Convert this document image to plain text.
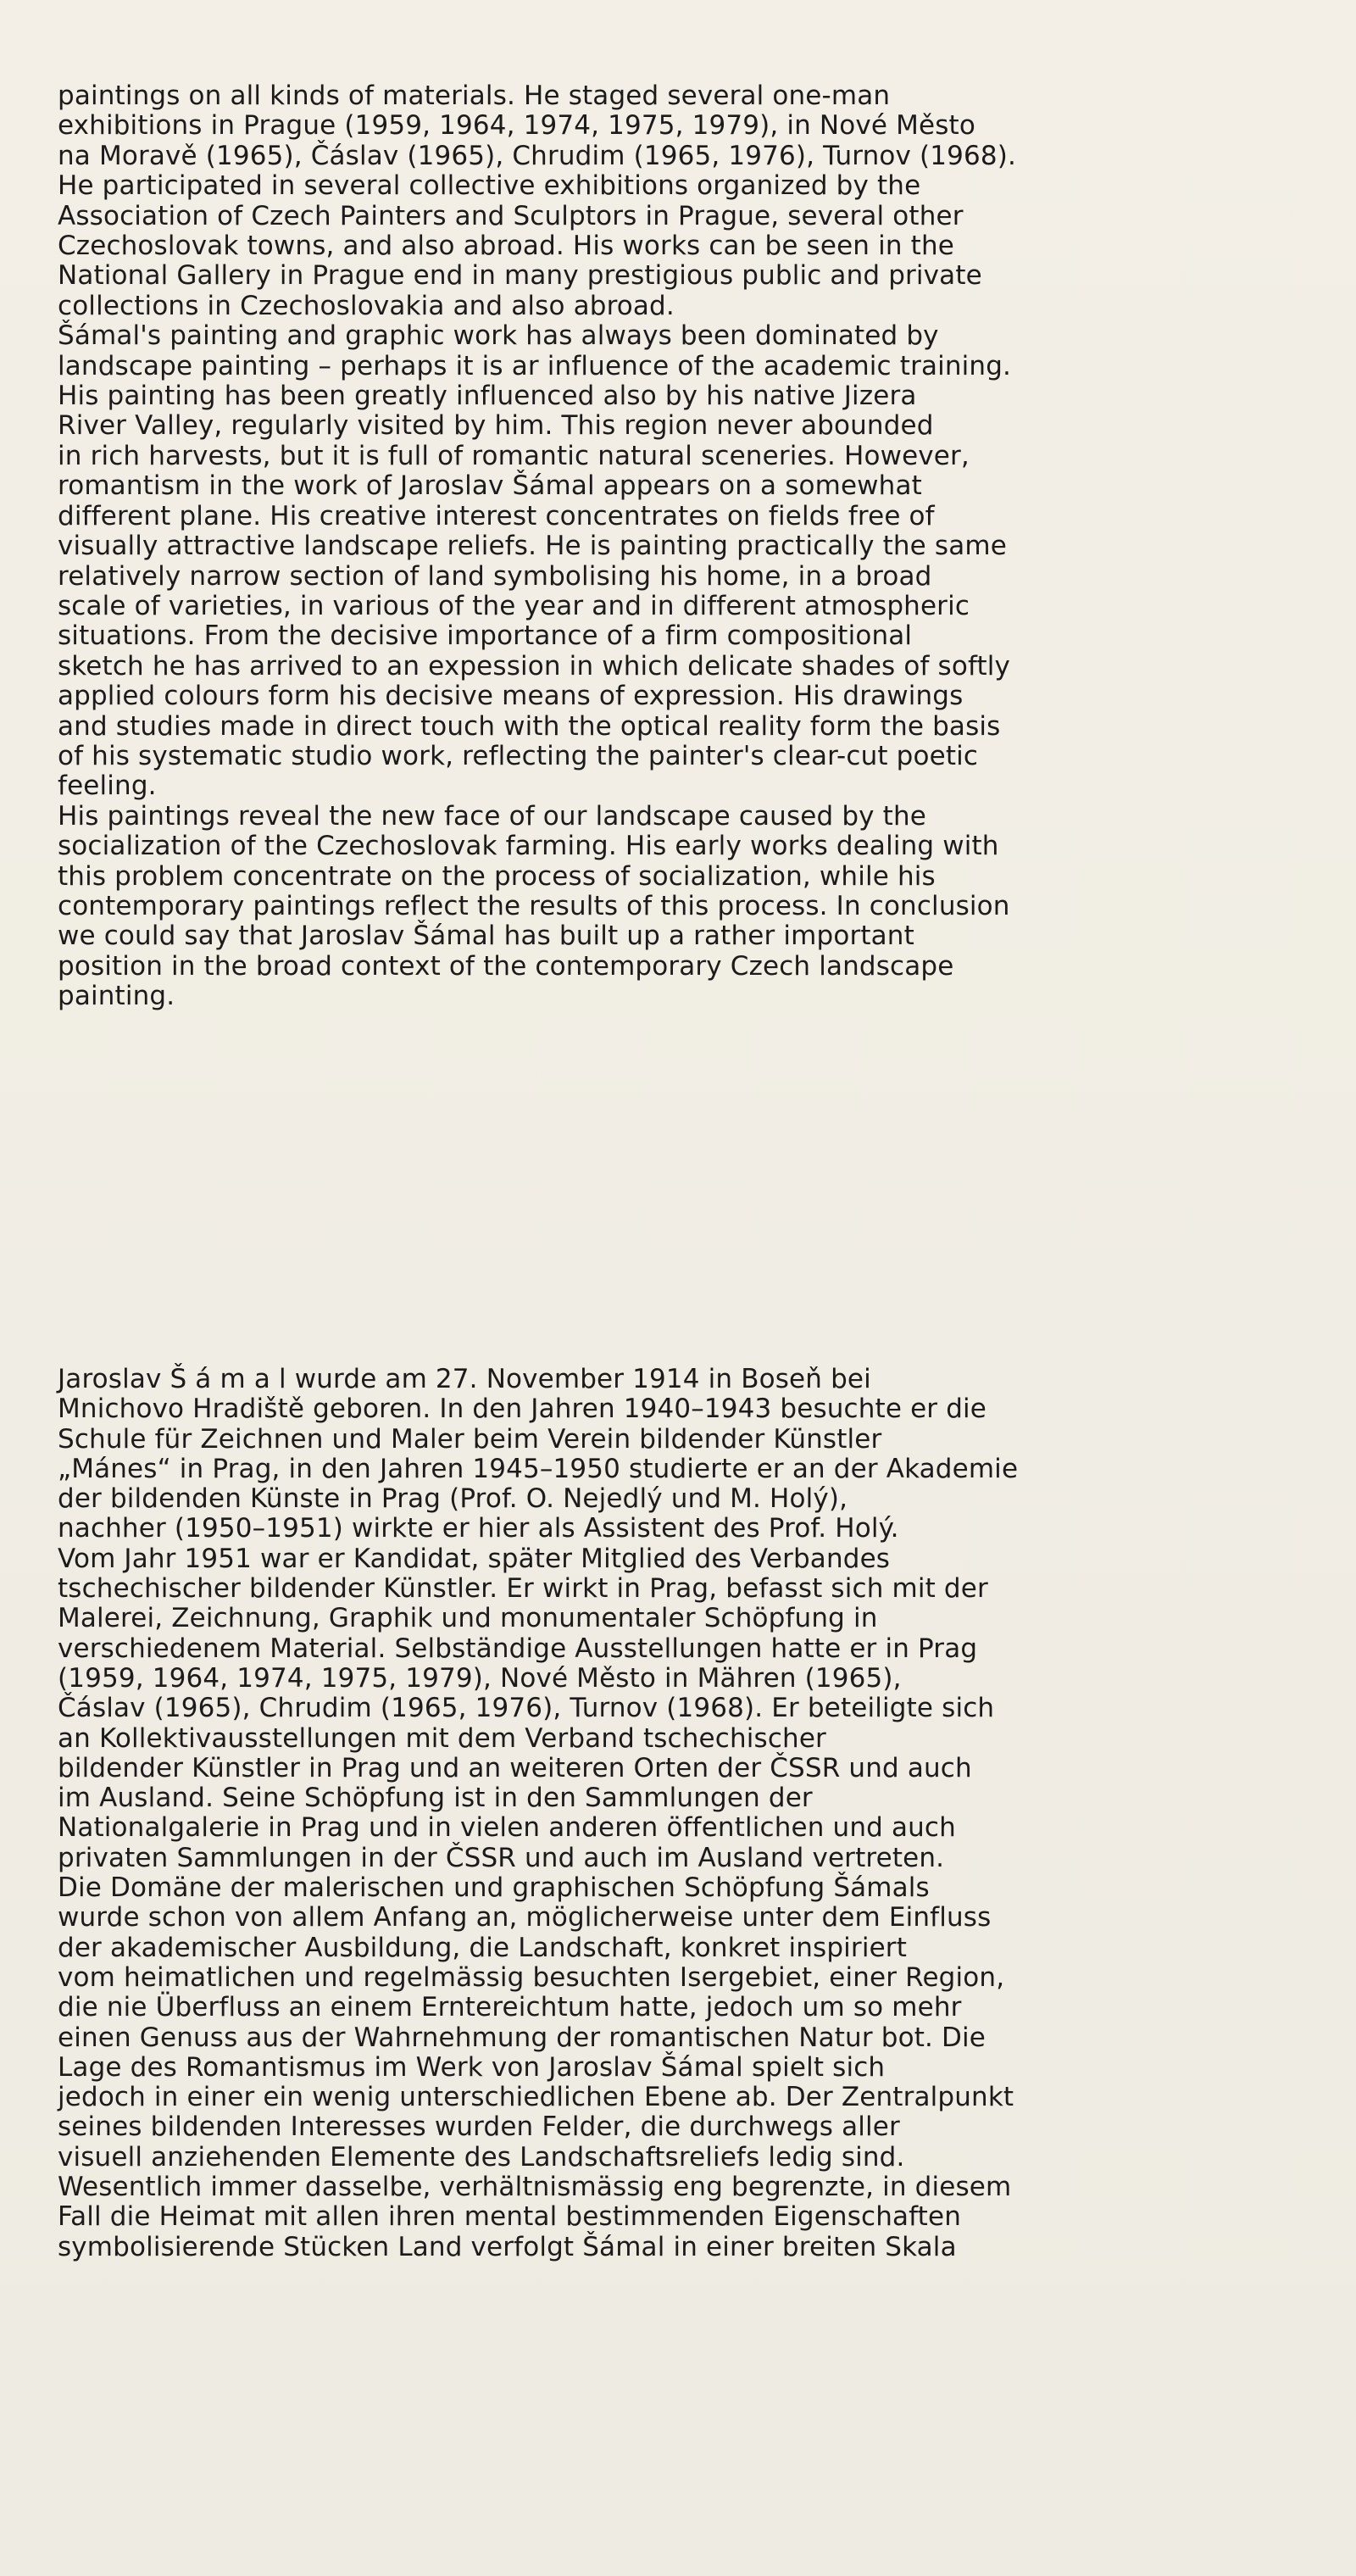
paintings on all kinds of materials. He staged several one-man
exhibitions in Prague (1959, 1964, 1974, 1975, 1979), in Nové Město
na Moravě (1965), Čáslav (1965), Chrudim (1965, 1976), Turnov (1968).
He participated in several collective exhibitions organized by the
Association of Czech Painters and Sculptors in Prague, several other
Czechoslovak towns, and also abroad. His works can be seen in the
National Gallery in Prague end in many prestigious public and private
collections in Czechoslovakia and also abroad.
Šámal's painting and graphic work has always been dominated by
landscape painting – perhaps it is ar influence of the academic training.
His painting has been greatly influenced also by his native Jizera
River Valley, regularly visited by him. This region never abounded
in rich harvests, but it is full of romantic natural sceneries. However,
romantism in the work of Jaroslav Šámal appears on a somewhat
different plane. His creative interest concentrates on fields free of
visually attractive landscape reliefs. He is painting practically the same
relatively narrow section of land symbolising his home, in a broad
scale of varieties, in various of the year and in different atmospheric
situations. From the decisive importance of a firm compositional
sketch he has arrived to an expession in which delicate shades of softly
applied colours form his decisive means of expression. His drawings
and studies made in direct touch with the optical reality form the basis
of his systematic studio work, reflecting the painter's clear-cut poetic
feeling.
His paintings reveal the new face of our landscape caused by the
socialization of the Czechoslovak farming. His early works dealing with
this problem concentrate on the process of socialization, while his
contemporary paintings reflect the results of this process. In conclusion
we could say that Jaroslav Šámal has built up a rather important
position in the broad context of the contemporary Czech landscape
painting.
Jaroslav Š á m a l wurde am 27. November 1914 in Boseň bei
Mnichovo Hradiště geboren. In den Jahren 1940–1943 besuchte er die
Schule für Zeichnen und Maler beim Verein bildender Künstler
„Mánes“ in Prag, in den Jahren 1945–1950 studierte er an der Akademie
der bildenden Künste in Prag (Prof. O. Nejedlý und M. Holý),
nachher (1950–1951) wirkte er hier als Assistent des Prof. Holý.
Vom Jahr 1951 war er Kandidat, später Mitglied des Verbandes
tschechischer bildender Künstler. Er wirkt in Prag, befasst sich mit der
Malerei, Zeichnung, Graphik und monumentaler Schöpfung in
verschiedenem Material. Selbständige Ausstellungen hatte er in Prag
(1959, 1964, 1974, 1975, 1979), Nové Město in Mähren (1965),
Čáslav (1965), Chrudim (1965, 1976), Turnov (1968). Er beteiligte sich
an Kollektivausstellungen mit dem Verband tschechischer
bildender Künstler in Prag und an weiteren Orten der ČSSR und auch
im Ausland. Seine Schöpfung ist in den Sammlungen der
Nationalgalerie in Prag und in vielen anderen öffentlichen und auch
privaten Sammlungen in der ČSSR und auch im Ausland vertreten.
Die Domäne der malerischen und graphischen Schöpfung Šámals
wurde schon von allem Anfang an, möglicherweise unter dem Einfluss
der akademischer Ausbildung, die Landschaft, konkret inspiriert
vom heimatlichen und regelmässig besuchten Isergebiet, einer Region,
die nie Überfluss an einem Erntereichtum hatte, jedoch um so mehr
einen Genuss aus der Wahrnehmung der romantischen Natur bot. Die
Lage des Romantismus im Werk von Jaroslav Šámal spielt sich
jedoch in einer ein wenig unterschiedlichen Ebene ab. Der Zentralpunkt
seines bildenden Interesses wurden Felder, die durchwegs aller
visuell anziehenden Elemente des Landschaftsreliefs ledig sind.
Wesentlich immer dasselbe, verhältnismässig eng begrenzte, in diesem
Fall die Heimat mit allen ihren mental bestimmenden Eigenschaften
symbolisierende Stücken Land verfolgt Šámal in einer breiten Skala
